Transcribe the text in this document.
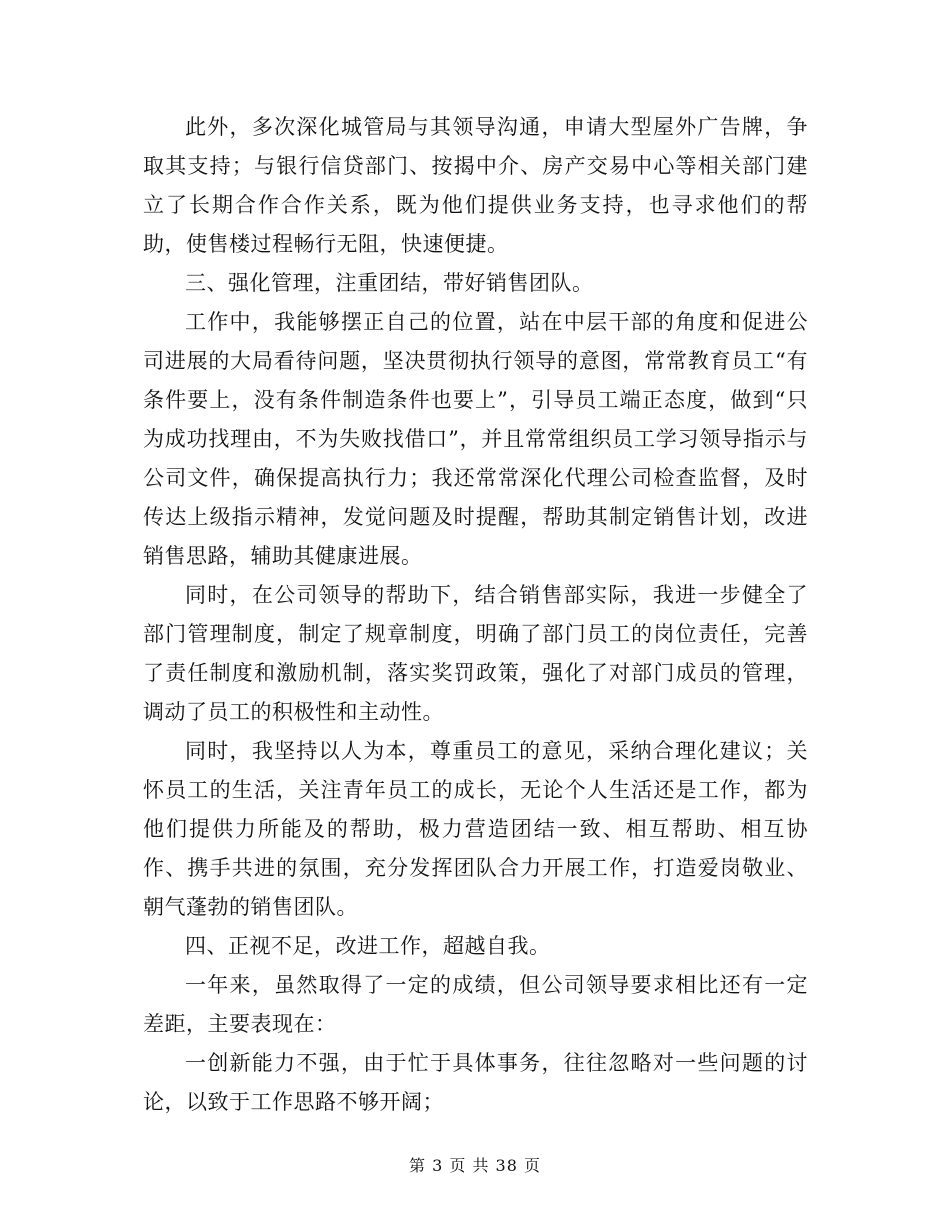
此外，多次深化城管局与其领导沟通，申请大型屋外广告牌，争取其支持；与银行信贷部门、按揭中介、房产交易中心等相关部门建立了长期合作合作关系，既为他们提供业务支持，也寻求他们的帮助，使售楼过程畅行无阻，快速便捷。

三、强化管理，注重团结，带好销售团队。

工作中，我能够摆正自己的位置，站在中层干部的角度和促进公司进展的大局看待问题，坚决贯彻执行领导的意图，常常教育员工“有条件要上，没有条件制造条件也要上”，引导员工端正态度，做到“只为成功找理由，不为失败找借口”，并且常常组织员工学习领导指示与公司文件，确保提高执行力；我还常常深化代理公司检查监督，及时传达上级指示精神，发觉问题及时提醒，帮助其制定销售计划，改进销售思路，辅助其健康进展。

同时，在公司领导的帮助下，结合销售部实际，我进一步健全了部门管理制度，制定了规章制度，明确了部门员工的岗位责任，完善了责任制度和激励机制，落实奖罚政策，强化了对部门成员的管理，调动了员工的积极性和主动性。

同时，我坚持以人为本，尊重员工的意见，采纳合理化建议；关怀员工的生活，关注青年员工的成长，无论个人生活还是工作，都为他们提供力所能及的帮助，极力营造团结一致、相互帮助、相互协作、携手共进的氛围，充分发挥团队合力开展工作，打造爱岗敬业、朝气蓬勃的销售团队。

四、正视不足，改进工作，超越自我。

一年来，虽然取得了一定的成绩，但公司领导要求相比还有一定差距，主要表现在：

一创新能力不强，由于忙于具体事务，往往忽略对一些问题的讨论，以致于工作思路不够开阔；

第 3 页 共 38 页
